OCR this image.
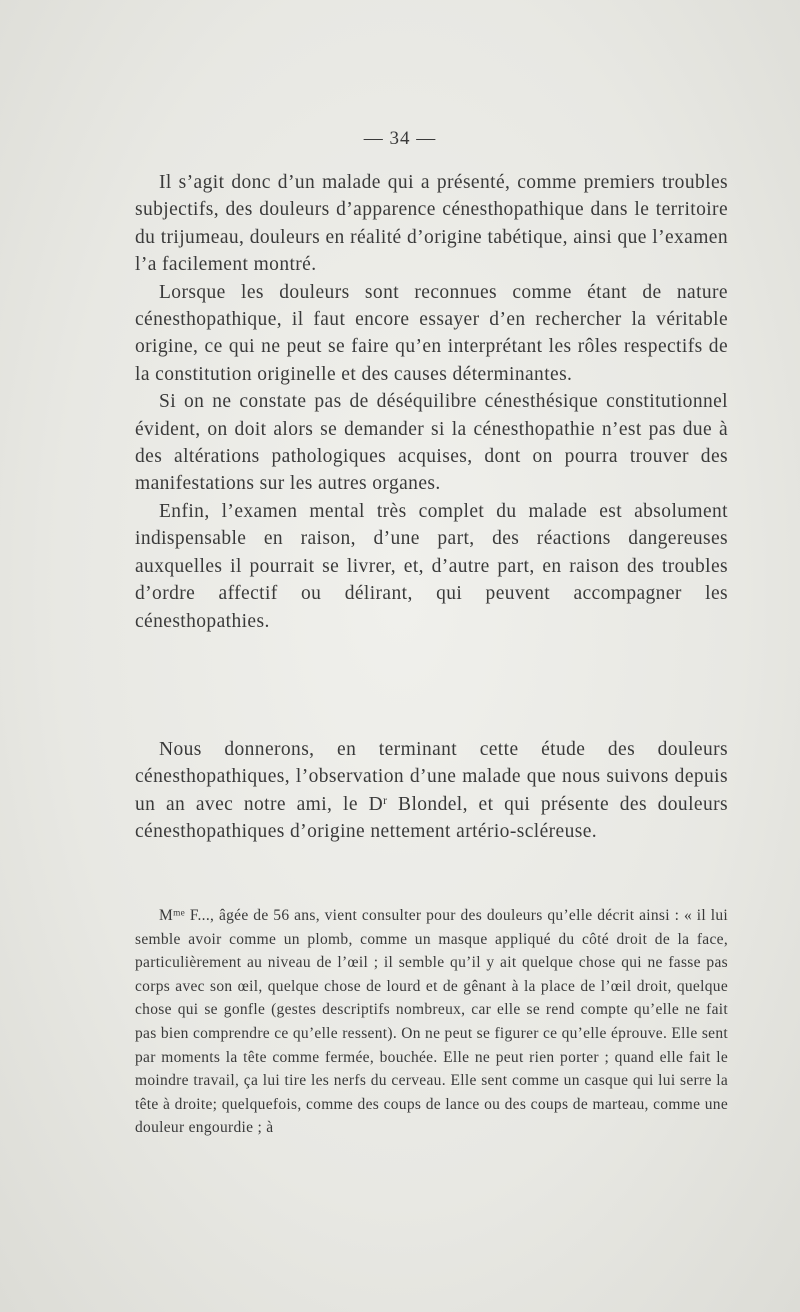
— 34 —

Il s’agit donc d’un malade qui a présenté, comme premiers troubles subjectifs, des douleurs d’apparence cénesthopathique dans le territoire du trijumeau, douleurs en réalité d’origine tabétique, ainsi que l’examen l’a facilement montré.

Lorsque les douleurs sont reconnues comme étant de nature cénesthopathique, il faut encore essayer d’en rechercher la véritable origine, ce qui ne peut se faire qu’en interprétant les rôles respectifs de la constitution originelle et des causes déterminantes.

Si on ne constate pas de déséquilibre cénesthésique constitutionnel évident, on doit alors se demander si la cénesthopathie n’est pas due à des altérations pathologiques acquises, dont on pourra trouver des manifestations sur les autres organes.

Enfin, l’examen mental très complet du malade est absolument indispensable en raison, d’une part, des réactions dangereuses auxquelles il pourrait se livrer, et, d’autre part, en raison des troubles d’ordre affectif ou délirant, qui peuvent accompagner les cénesthopathies.

Nous donnerons, en terminant cette étude des douleurs cénesthopathiques, l’observation d’une malade que nous suivons depuis un an avec notre ami, le $D^r$ Blondel, et qui présente des douleurs cénesthopathiques d’origine nettement artério-scléreuse.

$M^{me}$ F..., âgée de 56 ans, vient consulter pour des douleurs qu’elle décrit ainsi : « il lui semble avoir comme un plomb, comme un masque appliqué du côté droit de la face, particulièrement au niveau de l’œil ; il semble qu’il y ait quelque chose qui ne fasse pas corps avec son œil, quelque chose de lourd et de gênant à la place de l’œil droit, quelque chose qui se gonfle (gestes descriptifs nombreux, car elle se rend compte qu’elle ne fait pas bien comprendre ce qu’elle ressent). On ne peut se figurer ce qu’elle éprouve. Elle sent par moments la tête comme fermée, bouchée. Elle ne peut rien porter ; quand elle fait le moindre travail, ça lui tire les nerfs du cerveau. Elle sent comme un casque qui lui serre la tête à droite; quelquefois, comme des coups de lance ou des coups de marteau, comme une douleur engourdie ; à
